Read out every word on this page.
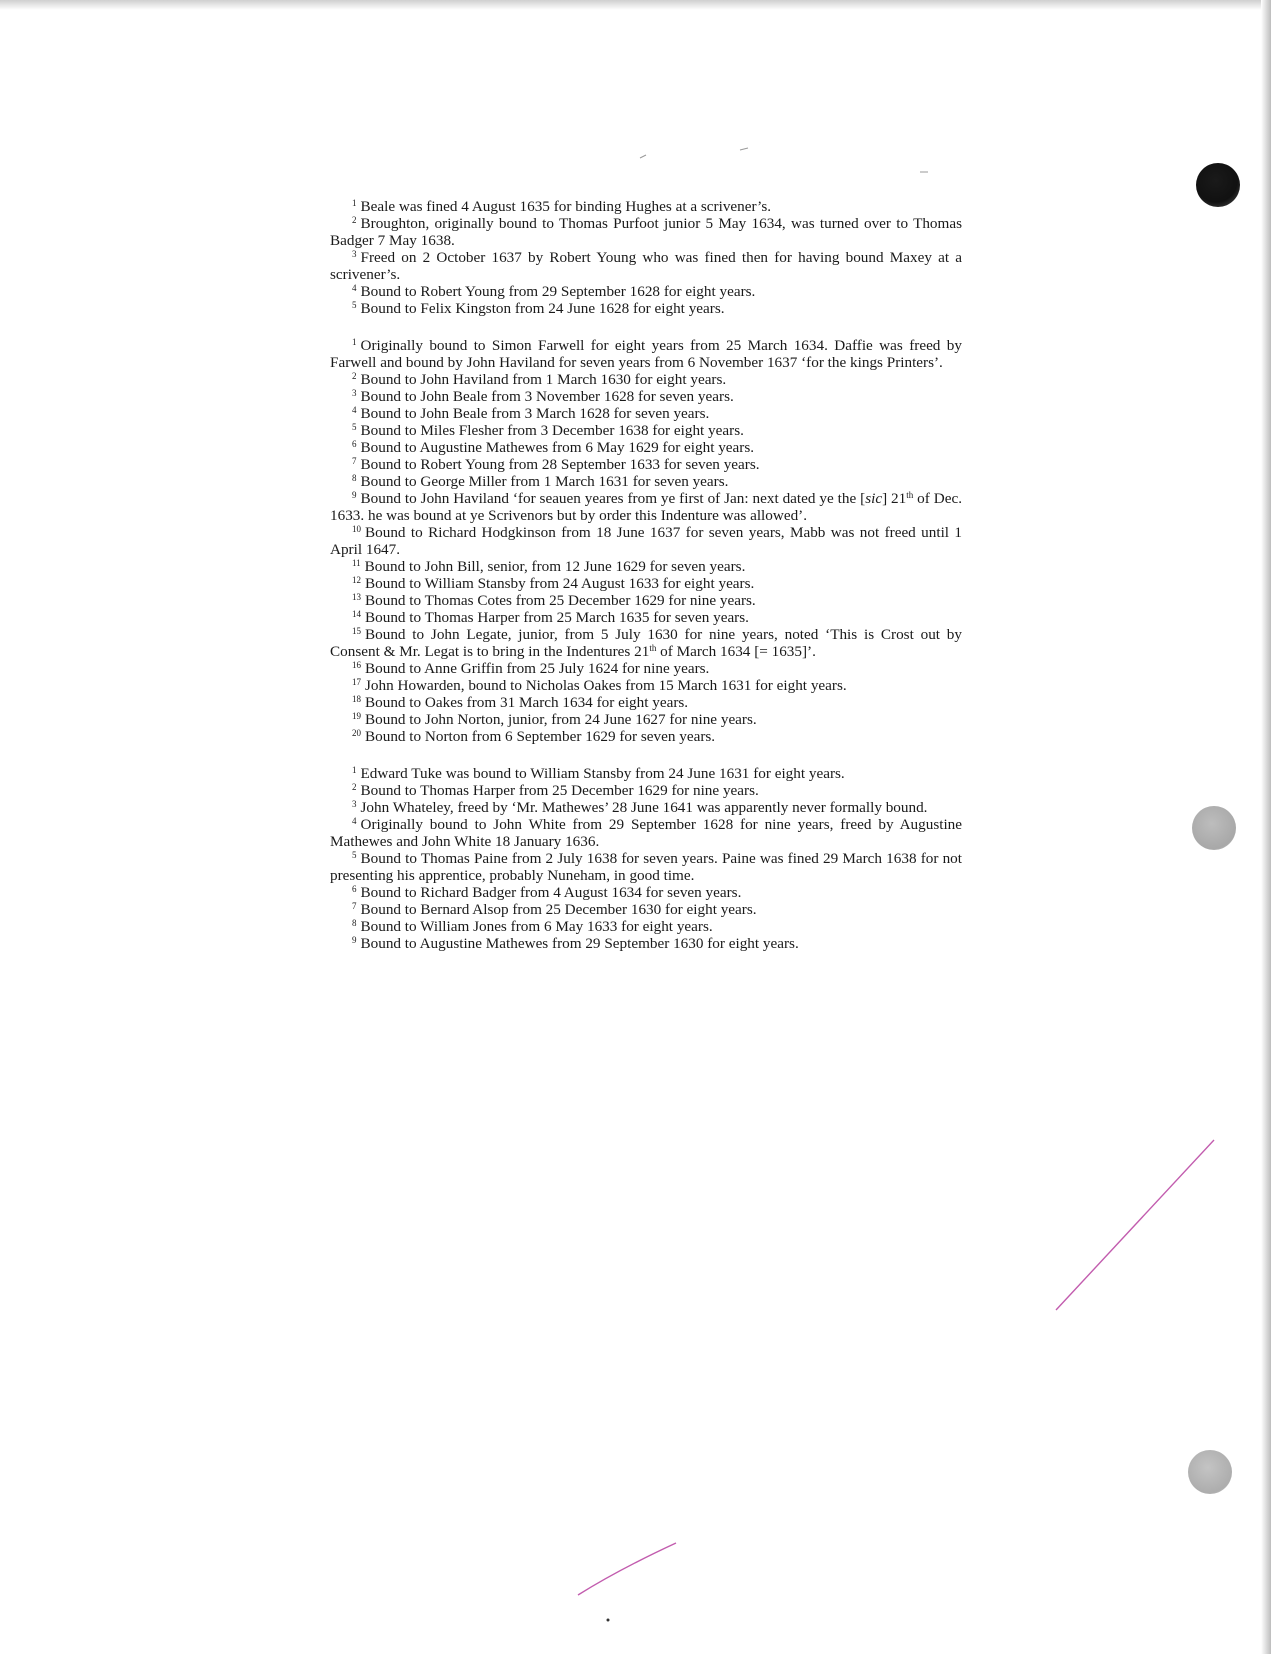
$^1$ Beale was fined 4 August 1635 for binding Hughes at a scrivener’s.

$^2$ Broughton, originally bound to Thomas Purfoot junior 5 May 1634, was turned over to Thomas Badger 7 May 1638.

$^3$ Freed on 2 October 1637 by Robert Young who was fined then for having bound Maxey at a scrivener’s.

$^4$ Bound to Robert Young from 29 September 1628 for eight years.

$^5$ Bound to Felix Kingston from 24 June 1628 for eight years.

$^1$ Originally bound to Simon Farwell for eight years from 25 March 1634. Daffie was freed by Farwell and bound by John Haviland for seven years from 6 November 1637 ‘for the kings Printers’.

$^2$ Bound to John Haviland from 1 March 1630 for eight years.

$^3$ Bound to John Beale from 3 November 1628 for seven years.

$^4$ Bound to John Beale from 3 March 1628 for seven years.

$^5$ Bound to Miles Flesher from 3 December 1638 for eight years.

$^6$ Bound to Augustine Mathewes from 6 May 1629 for eight years.

$^7$ Bound to Robert Young from 28 September 1633 for seven years.

$^8$ Bound to George Miller from 1 March 1631 for seven years.

$^9$ Bound to John Haviland ‘for seauen yeares from ye first of Jan: next dated ye the [sic] 21th of Dec. 1633. he was bound at ye Scrivenors but by order this Indenture was allowed’.

$^{10}$ Bound to Richard Hodgkinson from 18 June 1637 for seven years, Mabb was not freed until 1 April 1647.

$^{11}$ Bound to John Bill, senior, from 12 June 1629 for seven years.

$^{12}$ Bound to William Stansby from 24 August 1633 for eight years.

$^{13}$ Bound to Thomas Cotes from 25 December 1629 for nine years.

$^{14}$ Bound to Thomas Harper from 25 March 1635 for seven years.

$^{15}$ Bound to John Legate, junior, from 5 July 1630 for nine years, noted ‘This is Crost out by Consent & Mr. Legat is to bring in the Indentures 21th of March 1634 [= 1635]’.

$^{16}$ Bound to Anne Griffin from 25 July 1624 for nine years.

$^{17}$ John Howarden, bound to Nicholas Oakes from 15 March 1631 for eight years.

$^{18}$ Bound to Oakes from 31 March 1634 for eight years.

$^{19}$ Bound to John Norton, junior, from 24 June 1627 for nine years.

$^{20}$ Bound to Norton from 6 September 1629 for seven years.

$^1$ Edward Tuke was bound to William Stansby from 24 June 1631 for eight years.

$^2$ Bound to Thomas Harper from 25 December 1629 for nine years.

$^3$ John Whateley, freed by ‘Mr. Mathewes’ 28 June 1641 was apparently never formally bound.

$^4$ Originally bound to John White from 29 September 1628 for nine years, freed by Augustine Mathewes and John White 18 January 1636.

$^5$ Bound to Thomas Paine from 2 July 1638 for seven years. Paine was fined 29 March 1638 for not presenting his apprentice, probably Nuneham, in good time.

$^6$ Bound to Richard Badger from 4 August 1634 for seven years.

$^7$ Bound to Bernard Alsop from 25 December 1630 for eight years.

$^8$ Bound to William Jones from 6 May 1633 for eight years.

$^9$ Bound to Augustine Mathewes from 29 September 1630 for eight years.
